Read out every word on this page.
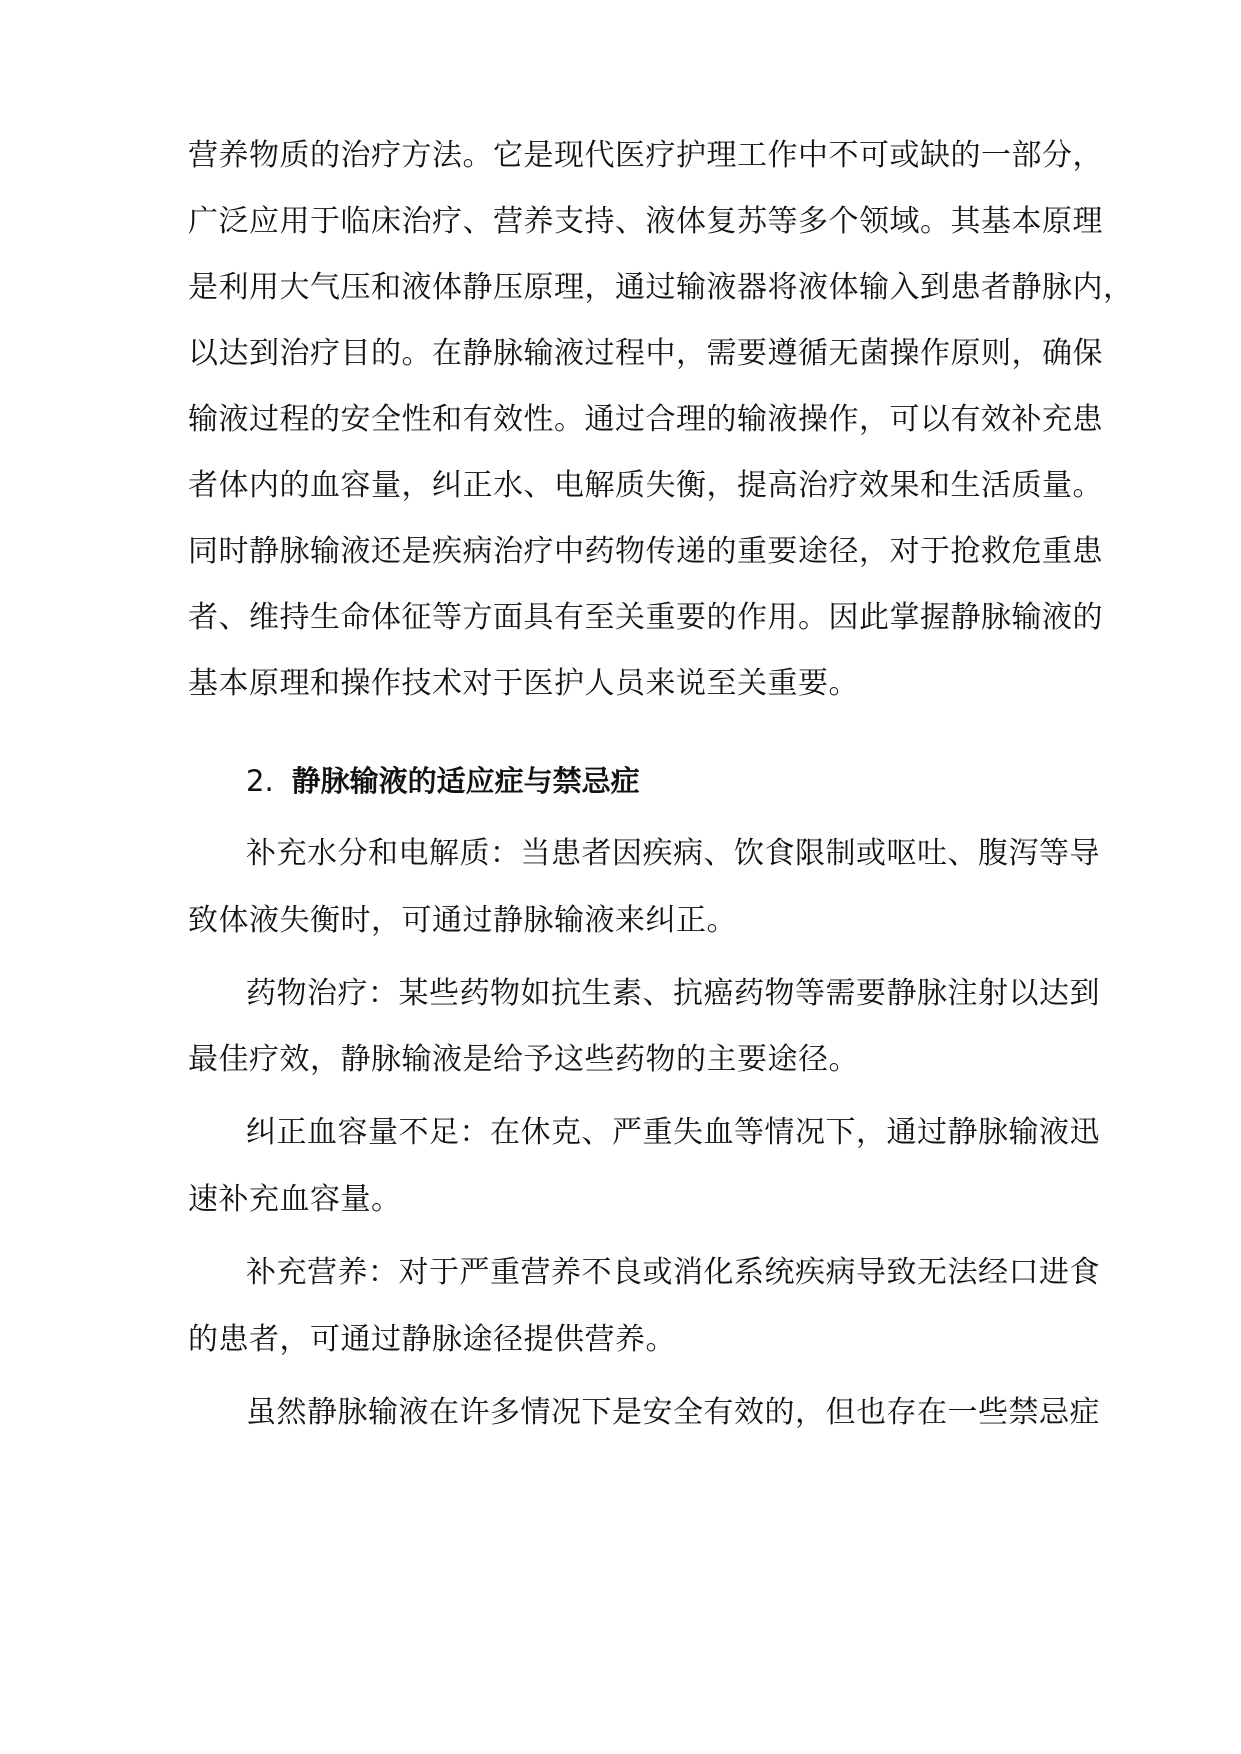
营养物质的治疗方法。它是现代医疗护理工作中不可或缺的一部分，
广泛应用于临床治疗、营养支持、液体复苏等多个领域。其基本原理
是利用大气压和液体静压原理，通过输液器将液体输入到患者静脉内，
以达到治疗目的。在静脉输液过程中，需要遵循无菌操作原则，确保
输液过程的安全性和有效性。通过合理的输液操作，可以有效补充患
者体内的血容量，纠正水、电解质失衡，提高治疗效果和生活质量。
同时静脉输液还是疾病治疗中药物传递的重要途径，对于抢救危重患
者、维持生命体征等方面具有至关重要的作用。因此掌握静脉输液的
基本原理和操作技术对于医护人员来说至关重要。
2. 静脉输液的适应症与禁忌症
补充水分和电解质：当患者因疾病、饮食限制或呕吐、腹泻等导
致体液失衡时，可通过静脉输液来纠正。
药物治疗：某些药物如抗生素、抗癌药物等需要静脉注射以达到
最佳疗效，静脉输液是给予这些药物的主要途径。
纠正血容量不足：在休克、严重失血等情况下，通过静脉输液迅
速补充血容量。
补充营养：对于严重营养不良或消化系统疾病导致无法经口进食
的患者，可通过静脉途径提供营养。
虽然静脉输液在许多情况下是安全有效的，但也存在一些禁忌症
